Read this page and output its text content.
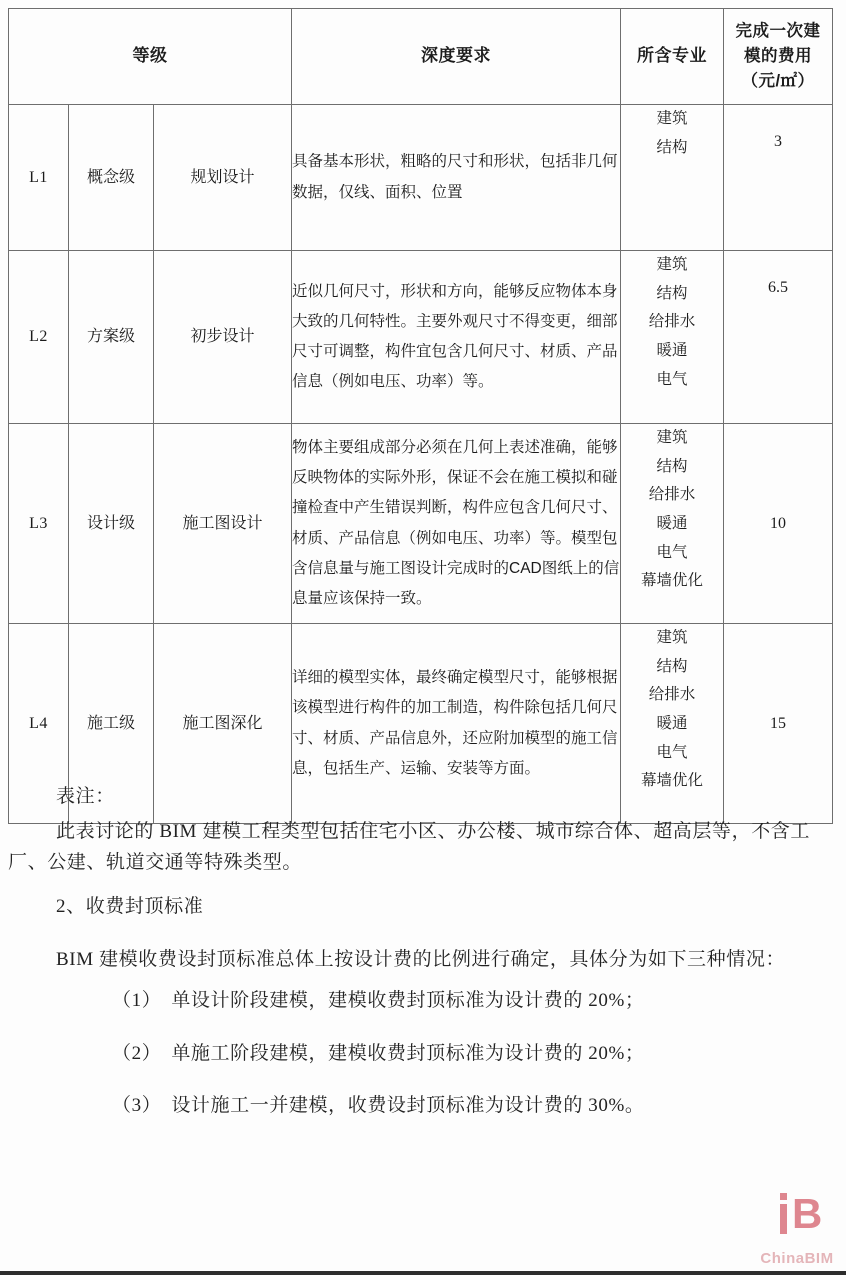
等级			深度要求	所含专业	完成一次建
模的费用
（元/㎡）

L1	概念级	规划设计	具备基本形状，粗略的尺寸和形状，包括非几何数据，仅线、面积、位置	建筑
结构	3
L2	方案级	初步设计	近似几何尺寸，形状和方向，能够反应物体本身大致的几何特性。主要外观尺寸不得变更，细部尺寸可调整，构件宜包含几何尺寸、材质、产品信息（例如电压、功率）等。	建筑
结构
给排水
暖通
电气	6.5
L3	设计级	施工图设计	物体主要组成部分必须在几何上表述准确，能够反映物体的实际外形，保证不会在施工模拟和碰撞检查中产生错误判断，构件应包含几何尺寸、材质、产品信息（例如电压、功率）等。模型包含信息量与施工图设计完成时的CAD图纸上的信息量应该保持一致。	建筑
结构
给排水
暖通
电气
幕墙优化	10
L4	施工级	施工图深化	详细的模型实体，最终确定模型尺寸，能够根据该模型进行构件的加工制造，构件除包括几何尺寸、材质、产品信息外，还应附加模型的施工信息，包括生产、运输、安装等方面。	建筑
结构
给排水
暖通
电气
幕墙优化	15

表注：

此表讨论的 BIM 建模工程类型包括住宅小区、办公楼、城市综合体、超高层等，不含工厂、公建、轨道交通等特殊类型。

2、收费封顶标准

BIM 建模收费设封顶标准总体上按设计费的比例进行确定，具体分为如下三种情况：

（1） 单设计阶段建模，建模收费封顶标准为设计费的 20%；

（2） 单施工阶段建模，建模收费封顶标准为设计费的 20%；

（3） 设计施工一并建模，收费设封顶标准为设计费的 30%。

B
ChinaBIM
